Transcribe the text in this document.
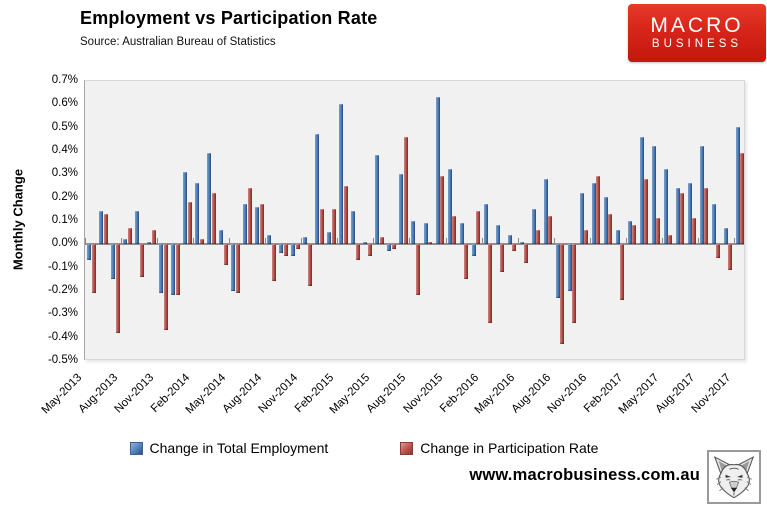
Employment vs Participation Rate
Source: Australian Bureau of Statistics
MACRO
BUSINESS
Monthly Change
0.7%
0.6%
0.5%
0.4%
0.3%
0.2%
0.1%
0.0%
-0.1%
-0.2%
-0.3%
-0.4%
-0.5%
May-2013
Aug-2013
Nov-2013
Feb-2014
May-2014
Aug-2014
Nov-2014
Feb-2015
May-2015
Aug-2015
Nov-2015
Feb-2016
May-2016
Aug-2016
Nov-2016
Feb-2017
May-2017
Aug-2017
Nov-2017
Change in Total Employment	Change in Participation Rate
www.macrobusiness.com.au
